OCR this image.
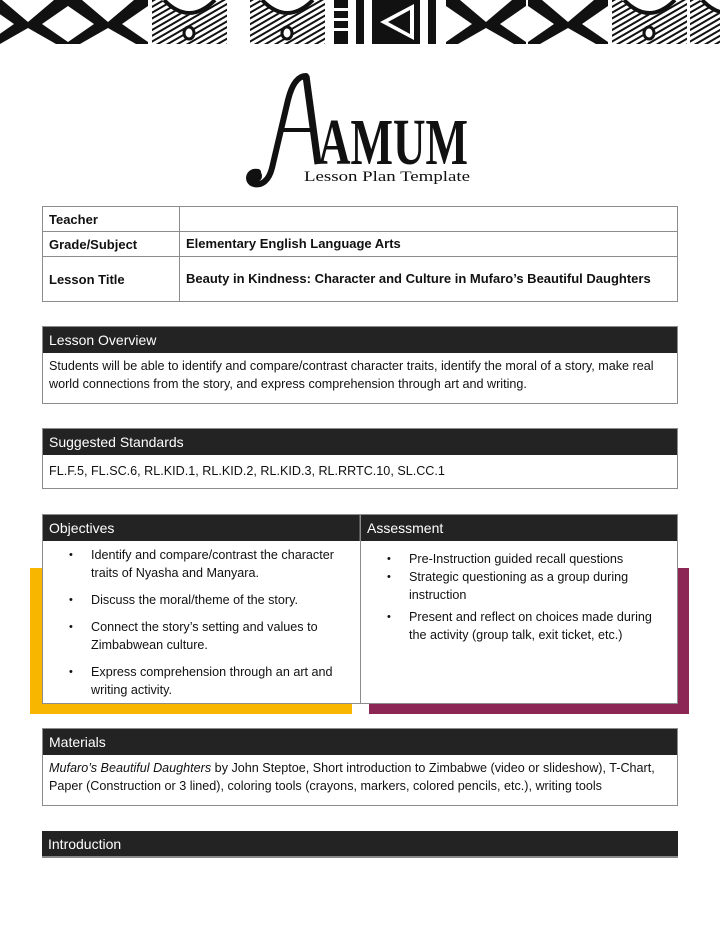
AMUM
Lesson Plan Template
Teacher	
Grade/Subject	Elementary English Language Arts
Lesson Title	Beauty in Kindness: Character and Culture in Mufaro’s Beautiful Daughters
Lesson Overview
Students will be able to identify and compare/contrast character traits, identify the moral of a story, make real world connections from the story, and express comprehension through art and writing.
Suggested Standards
FL.F.5, FL.SC.6, RL.KID.1, RL.KID.2, RL.KID.3, RL.RRTC.10, SL.CC.1
Objectives
• Identify and compare/contrast the character traits of Nyasha and Manyara.
• Discuss the moral/theme of the story.
• Connect the story’s setting and values to Zimbabwean culture.
• Express comprehension through an art and writing activity.
Assessment
• Pre-Instruction guided recall questions
• Strategic questioning as a group during instruction
• Present and reflect on choices made during the activity (group talk, exit ticket, etc.)
Materials
Mufaro’s Beautiful Daughters by John Steptoe, Short introduction to Zimbabwe (video or slideshow), T-Chart, Paper (Construction or 3 lined), coloring tools (crayons, markers, colored pencils, etc.), writing tools
Introduction
